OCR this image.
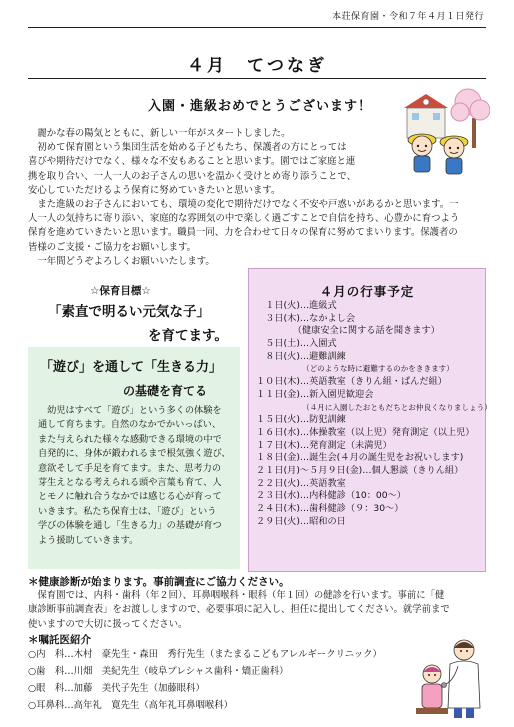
本荘保育園・令和７年４月１日発行
４月　てつなぎ
入園・進級おめでとうございます！

　麗かな春の陽気とともに、新しい一年がスタートしました。

　初めて保育園という集団生活を始める子どもたち、保護者の方にとっては

喜びや期待だけでなく、様々な不安もあることと思います。園ではご家庭と連

携を取り合い、一人一人のお子さんの思いを温かく受けとめ寄り添うことで、

安心していただけるよう保育に努めていきたいと思います。

　また進級のお子さんにおいても、環境の変化で期待だけでなく不安や戸惑いがあるかと思います。一

人一人の気持ちに寄り添い、家庭的な雰囲気の中で楽しく過ごすことで自信を持ち、心豊かに育つよう

保育を進めていきたいと思います。職員一同、力を合わせて日々の保育に努めてまいります。保護者の

皆様のご支援・ご協力をお願いします。

　一年間どうぞよろしくお願いいたします。

☆保育目標☆
「素直で明るい元気な子」
を育てます。
「遊び」を通して「生きる力」
の基礎を育てる
　幼児はすべて「遊び」という多くの体験を
通して育ちます。自然のなかでかいっぱい、
また与えられた様々な感動できる環境の中で
自発的に、身体が鍛われるまで根気強く遊び、
意欲そして手足を育てます。また、思考力の
芽生えとなる考えられる頭や言葉も育て、人
とモノに触れ合うなかでは感じる心が育って
いきます。私たち保育士は、「遊び」という
学びの体験を通し「生きる力」の基礎が育つ
よう援助していきます。
４月の行事予定
１日(火)…進級式
３日(木)…なかよし会
（健康安全に関する話を聞きます）
５日(土)…入園式
８日(火)…避難訓練
（どのような時に避難するのかをききます）
１０日(木)…英語教室（きりん組・ぱんだ組）
１１日(金)…新入園児歓迎会
（４月に入園したおともだちとお仲良くなりましょう）
１５日(火)…防犯訓練
１６日(水)…体操教室（以上児）発育測定（以上児）
１７日(木)…発育測定（未満児）
１８日(金)…誕生会(４月の誕生児をお祝いします)
２１日(月)～５月９日(金)…個人懇談（きりん組）
２２日(火)…英語教室
２３日(水)…内科健診（10：00～）
２４日(木)…歯科健診（９：30～）
２９日(火)…昭和の日
＊健康診断が始まります。事前調査にご協力ください。
　保育園では、内科・歯科（年２回）、耳鼻咽喉科・眼科（年１回）の健診を行います。事前に「健
康診断事前調査表」をお渡ししますので、必要事項に記入し、担任に提出してください。就学前まで
使いますので大切に扱ってください。
＊嘱託医紹介
○内　科…木村　豪先生・森田　秀行先生（またまるこどもアレルギークリニック）
○歯　科…川畑　美紀先生（岐阜プレシャス歯科・矯正歯科）
○眼　科…加藤　美代子先生（加藤眼科）
○耳鼻科…高年礼　寛先生（高年礼耳鼻咽喉科）
